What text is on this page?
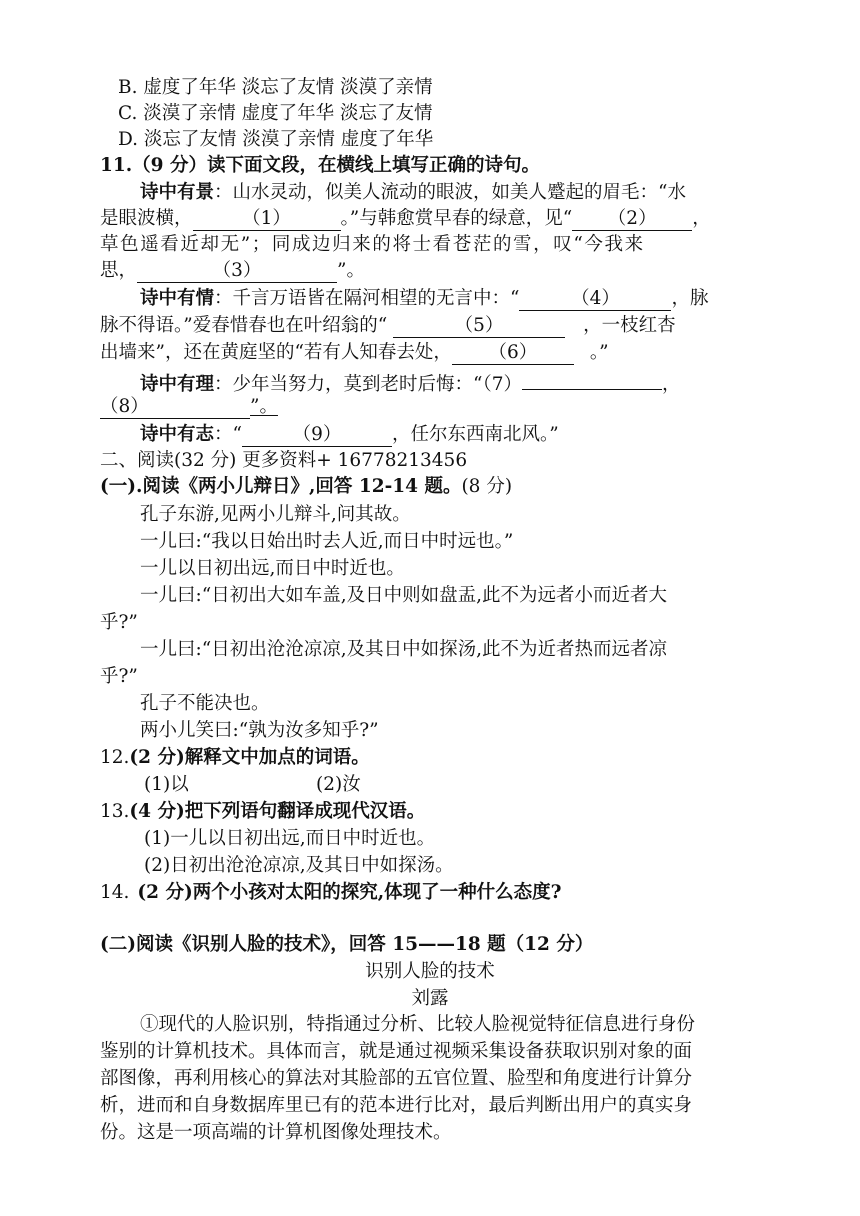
B. 虚度了年华 淡忘了友情 淡漠了亲情
C. 淡漠了亲情 虚度了年华 淡忘了友情
D. 淡忘了友情 淡漠了亲情 虚度了年华
11.（9 分）读下面文段，在横线上填写正确的诗句。
诗中有景：山水灵动，似美人流动的眼波，如美人蹙起的眉毛：“水
是眼波横，	（1）	。”与韩愈赏早春的绿意，见“ （2） ，
草色遥看近却无”；同成边归来的将士看苍茫的雪，叹“今我来
思，	（3）	”。
诗中有情：千言万语皆在隔河相望的无言中：“	（4）	，脉
脉不得语。”爱春惜春也在叶绍翁的“	（5）	，一枝红杏
出墙来”，还在黄庭坚的“若有人知春去处， （6）	。”
诗中有理：少年当努力，莫到老时后悔：“（7）	，
（8）	”。
诗中有志：“	（9）	，任尔东西南北风。”
二、阅读(32 分) 更多资料+ 16778213456
(一).阅读《两小儿辩日》,回答 12-14 题。(8 分)
孔子东游,见两小儿辩斗,问其故。
一儿曰:“我以日始出时去人近,而日中时远也。”
一儿以日初出远,而日中时近也。
一儿曰:“日初出大如车盖,及日中则如盘盂,此不为远者小而近者大
乎?”
一儿曰:“日初出沧沧凉凉,及其日中如探汤,此不为近者热而远者凉
乎?”
孔子不能决也。
两小儿笑曰:“孰为汝多知乎?”
12.(2 分)解释文中加点的词语。
(1)以	(2)汝
13.(4 分)把下列语句翻译成现代汉语。
(1)一儿以日初出远,而日中时近也。
(2)日初出沧沧凉凉,及其日中如探汤。
14. (2 分)两个小孩对太阳的探究,体现了一种什么态度?
(二)阅读《识别人脸的技术》，回答 15——18 题（12 分）
识别人脸的技术
刘露
①现代的人脸识别，特指通过分析、比较人脸视觉特征信息进行身份
鉴别的计算机技术。具体而言，就是通过视频采集设备获取识别对象的面
部图像，再利用核心的算法对其脸部的五官位置、脸型和角度进行计算分
析，进而和自身数据库里已有的范本进行比对，最后判断出用户的真实身
份。这是一项高端的计算机图像处理技术。
